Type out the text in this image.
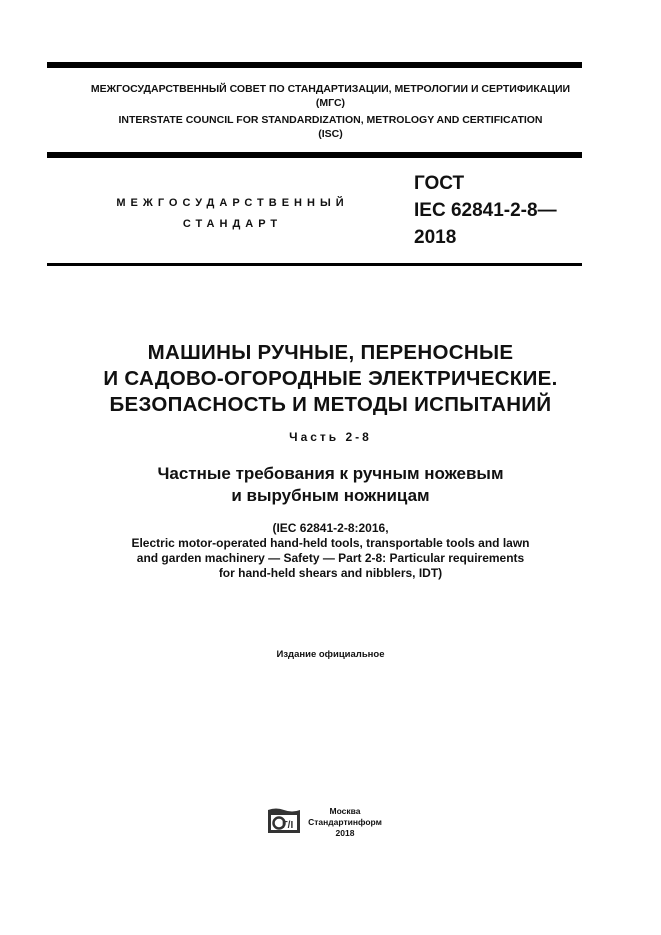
МЕЖГОСУДАРСТВЕННЫЙ СОВЕТ ПО СТАНДАРТИЗАЦИИ, МЕТРОЛОГИИ И СЕРТИФИКАЦИИ
(МГС)
INTERSTATE COUNCIL FOR STANDARDIZATION, METROLOGY AND CERTIFICATION
(ISC)
МЕЖГОСУДАРСТВЕННЫЙ
СТАНДАРТ
ГОСТ
IEC 62841-2-8—
2018
МАШИНЫ РУЧНЫЕ, ПЕРЕНОСНЫЕ
И САДОВО-ОГОРОДНЫЕ ЭЛЕКТРИЧЕСКИЕ.
БЕЗОПАСНОСТЬ И МЕТОДЫ ИСПЫТАНИЙ
Часть 2-8
Частные требования к ручным ножевым
и вырубным ножницам
(IEC 62841-2-8:2016,
Electric motor-operated hand-held tools, transportable tools and lawn
and garden machinery — Safety — Part 2-8: Particular requirements
for hand-held shears and nibblers, IDT)
Издание официальное
Г/І
Москва
Стандартинформ
2018
